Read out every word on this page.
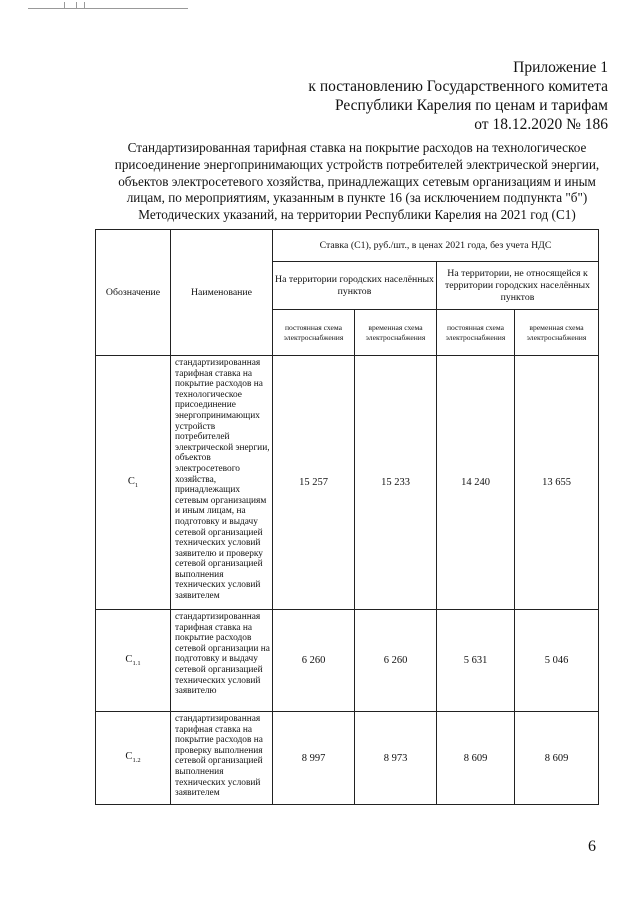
Приложение 1
к постановлению Государственного комитета
Республики Карелия по ценам и тарифам
от 18.12.2020 № 186
Стандартизированная тарифная ставка на покрытие расходов на технологическое
присоединение энергопринимающих устройств потребителей электрической энергии,
объектов электросетевого хозяйства, принадлежащих сетевым организациям и иным
лицам, по мероприятиям, указанным в пункте 16 (за исключением подпункта "б")
Методических указаний, на территории Республики Карелия на 2021 год (С1)
Обозначение	Наименование	Ставка (С1), руб./шт., в ценах 2021 года, без учета НДС			
		На территории городских населённых пунктов		На территории, не относящейся к территории городских населённых пунктов	
		постоянная схема электроснабжения	временная схема электроснабжения	постоянная схема электроснабжения	временная схема электроснабжения
$C_1$	стандартизированная тарифная ставка на покрытие расходов на технологическое присоединение энергопринимающих устройств потребителей электрической энергии, объектов электросетевого хозяйства, принадлежащих сетевым организациям и иным лицам, на подготовку и выдачу сетевой организацией технических условий заявителю и проверку сетевой организацией выполнения технических условий заявителем	15 257	15 233	14 240	13 655
$C_{1.1}$	стандартизированная тарифная ставка на покрытие расходов сетевой организации на подготовку и выдачу сетевой организацией технических условий заявителю	6 260	6 260	5 631	5 046
$C_{1.2}$	стандартизированная тарифная ставка на покрытие расходов на проверку выполнения сетевой организацией выполнения технических условий заявителем	8 997	8 973	8 609	8 609
6
